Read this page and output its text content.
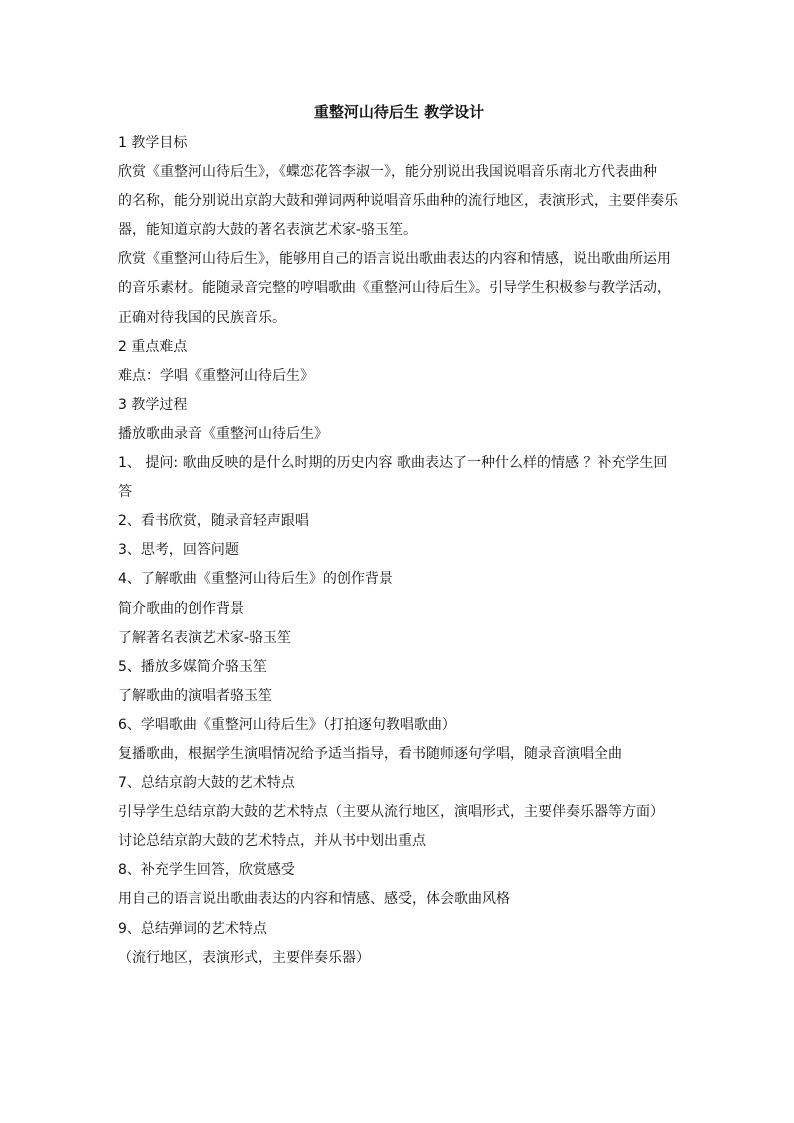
重整河山待后生 教学设计
1 教学目标
欣赏《重整河山待后生》，《蝶恋花答李淑一》，能分别说出我国说唱音乐南北方代表曲种
的名称，能分别说出京韵大鼓和弹词两种说唱音乐曲种的流行地区，表演形式，主要伴奏乐
器，能知道京韵大鼓的著名表演艺术家-骆玉笙。
欣赏《重整河山待后生》，能够用自己的语言说出歌曲表达的内容和情感，说出歌曲所运用
的音乐素材。能随录音完整的哼唱歌曲《重整河山待后生》。引导学生积极参与教学活动，
正确对待我国的民族音乐。
2 重点难点
难点：学唱《重整河山待后生》
3 教学过程
播放歌曲录音《重整河山待后生》
1、 提问: 歌曲反映的是什么时期的历史内容 歌曲表达了一种什么样的情感 ？补充学生回
答
2、看书欣赏，随录音轻声跟唱
3、思考，回答问题
4、了解歌曲《重整河山待后生》的创作背景
简介歌曲的创作背景
了解著名表演艺术家-骆玉笙
5、播放多媒简介骆玉笙
了解歌曲的演唱者骆玉笙
6、学唱歌曲《重整河山待后生》（打拍逐句教唱歌曲）
复播歌曲，根据学生演唱情况给予适当指导，看书随师逐句学唱，随录音演唱全曲
7、总结京韵大鼓的艺术特点
引导学生总结京韵大鼓的艺术特点（主要从流行地区，演唱形式，主要伴奏乐器等方面）
讨论总结京韵大鼓的艺术特点，并从书中划出重点
8、补充学生回答，欣赏感受
用自己的语言说出歌曲表达的内容和情感、感受，体会歌曲风格
9、总结弹词的艺术特点
（流行地区，表演形式，主要伴奏乐器）
